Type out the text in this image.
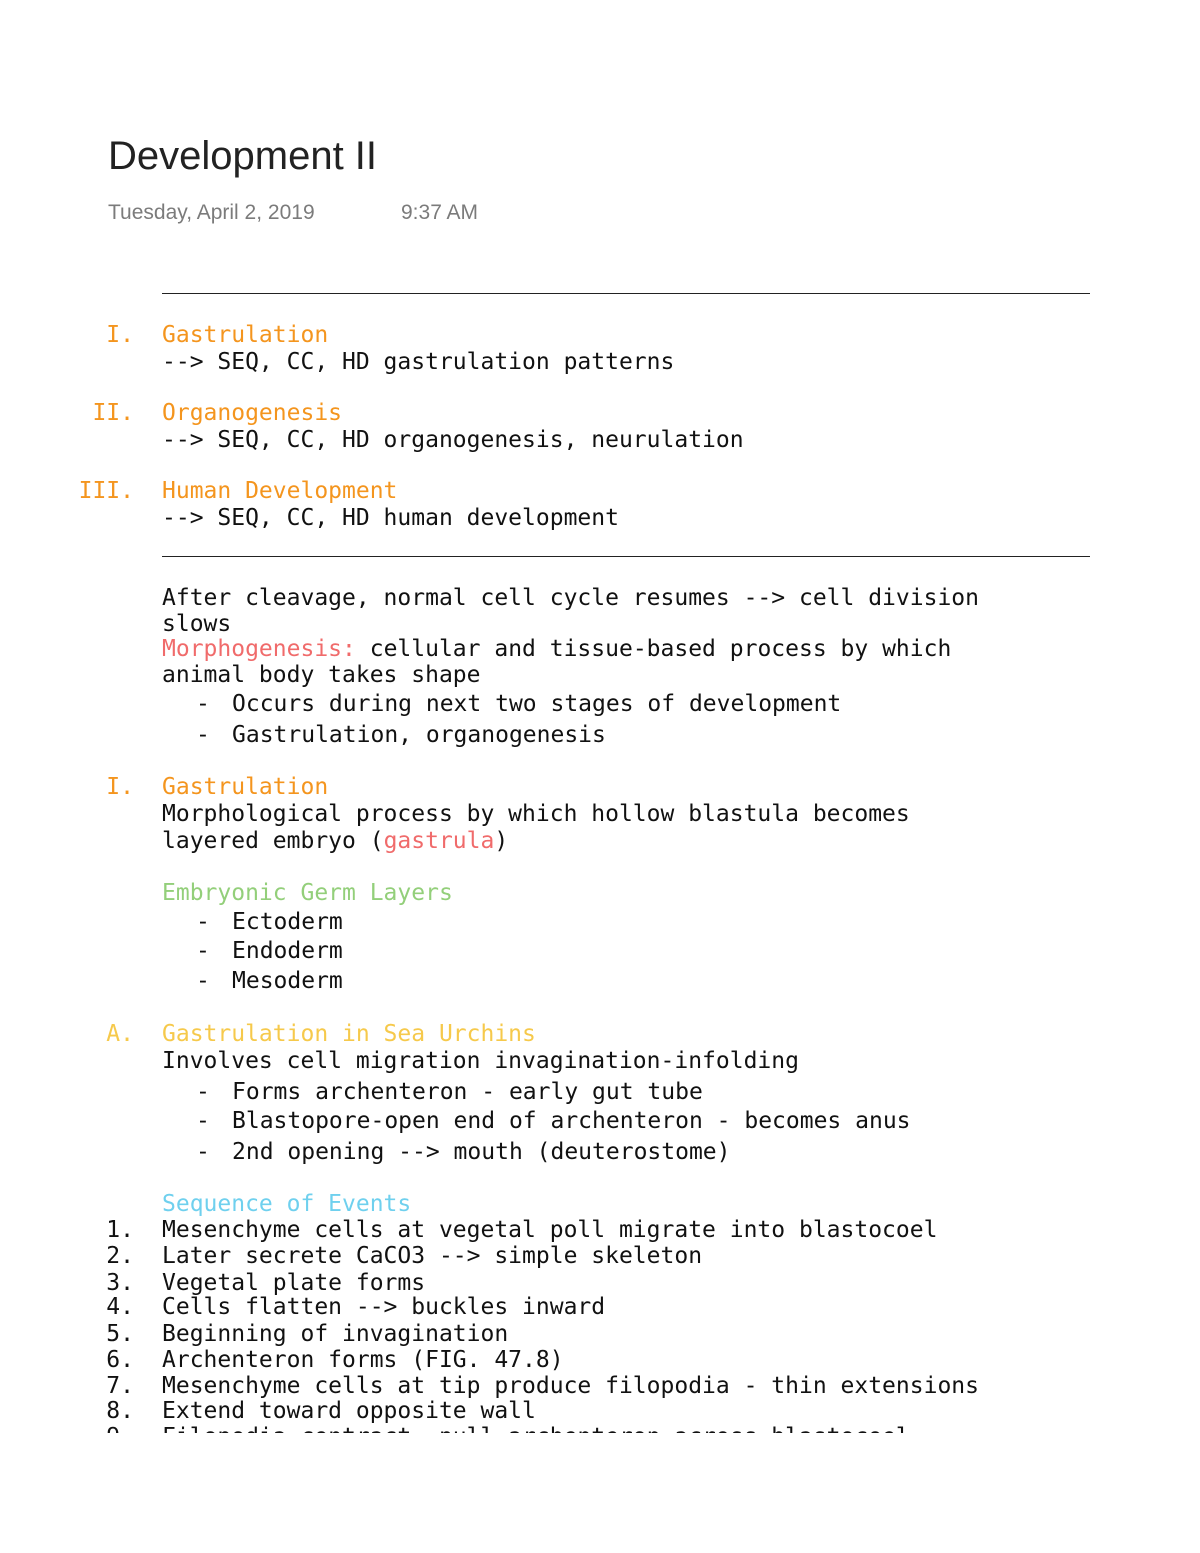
Development II
Tuesday, April 2, 2019	9:37 AM
I. Gastrulation
--> SEQ, CC, HD gastrulation patterns
II. Organogenesis
--> SEQ, CC, HD organogenesis, neurulation
III. Human Development
--> SEQ, CC, HD human development
After cleavage, normal cell cycle resumes --> cell division
slows
Morphogenesis: cellular and tissue-based process by which
animal body takes shape
- Occurs during next two stages of development
- Gastrulation, organogenesis
I. Gastrulation
Morphological process by which hollow blastula becomes
layered embryo (gastrula)
Embryonic Germ Layers
- Ectoderm
- Endoderm
- Mesoderm
A. Gastrulation in Sea Urchins
Involves cell migration invagination-infolding
- Forms archenteron - early gut tube
- Blastopore-open end of archenteron - becomes anus
- 2nd opening --> mouth (deuterostome)
Sequence of Events
1. Mesenchyme cells at vegetal poll migrate into blastocoel
2. Later secrete CaCO3 --> simple skeleton
3. Vegetal plate forms
4. Cells flatten --> buckles inward
5. Beginning of invagination
6. Archenteron forms (FIG. 47.8)
7. Mesenchyme cells at tip produce filopodia - thin extensions
8. Extend toward opposite wall
